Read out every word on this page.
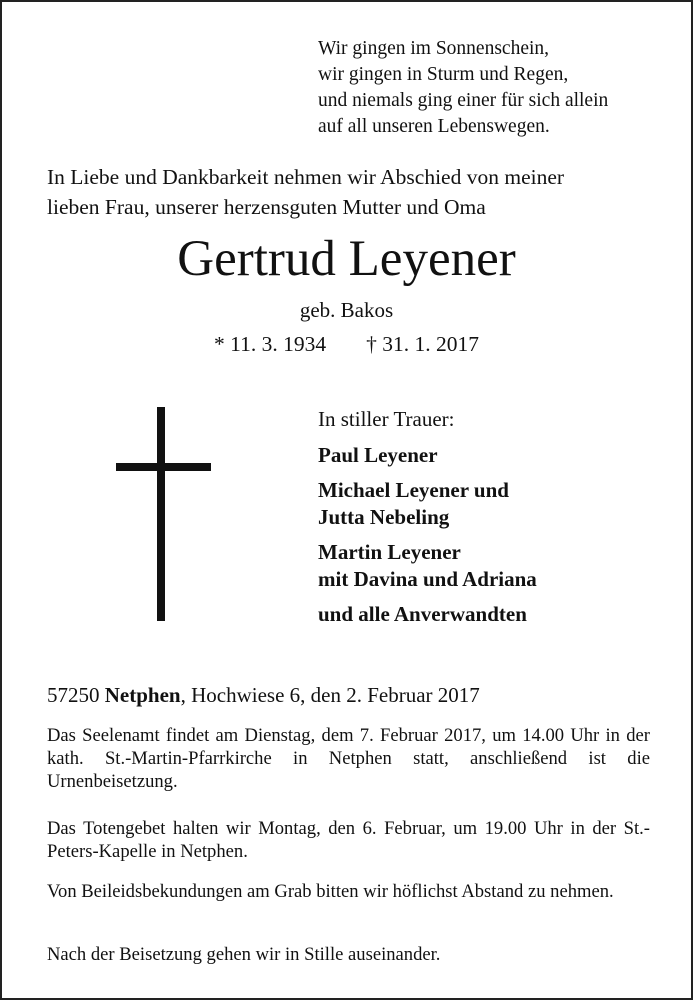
Wir gingen im Sonnenschein,
wir gingen in Sturm und Regen,
und niemals ging einer für sich allein
auf all unseren Lebenswegen.
In Liebe und Dankbarkeit nehmen wir Abschied von meiner
lieben Frau, unserer herzensguten Mutter und Oma
Gertrud Leyener
geb. Bakos
* 11. 3. 1934 † 31. 1. 2017
In stiller Trauer:
Paul Leyener
Michael Leyener und
Jutta Nebeling
Martin Leyener
mit Davina und Adriana
und alle Anverwandten
57250 Netphen, Hochwiese 6, den 2. Februar 2017
Das Seelenamt findet am Dienstag, dem 7. Februar 2017, um 14.00 Uhr in der kath. St.-Martin-Pfarrkirche in Netphen statt, anschließend ist die Urnenbeisetzung.
Das Totengebet halten wir Montag, den 6. Februar, um 19.00 Uhr in der St.-Peters-Kapelle in Netphen.
Von Beileidsbekundungen am Grab bitten wir höflichst Abstand zu nehmen.
Nach der Beisetzung gehen wir in Stille auseinander.
